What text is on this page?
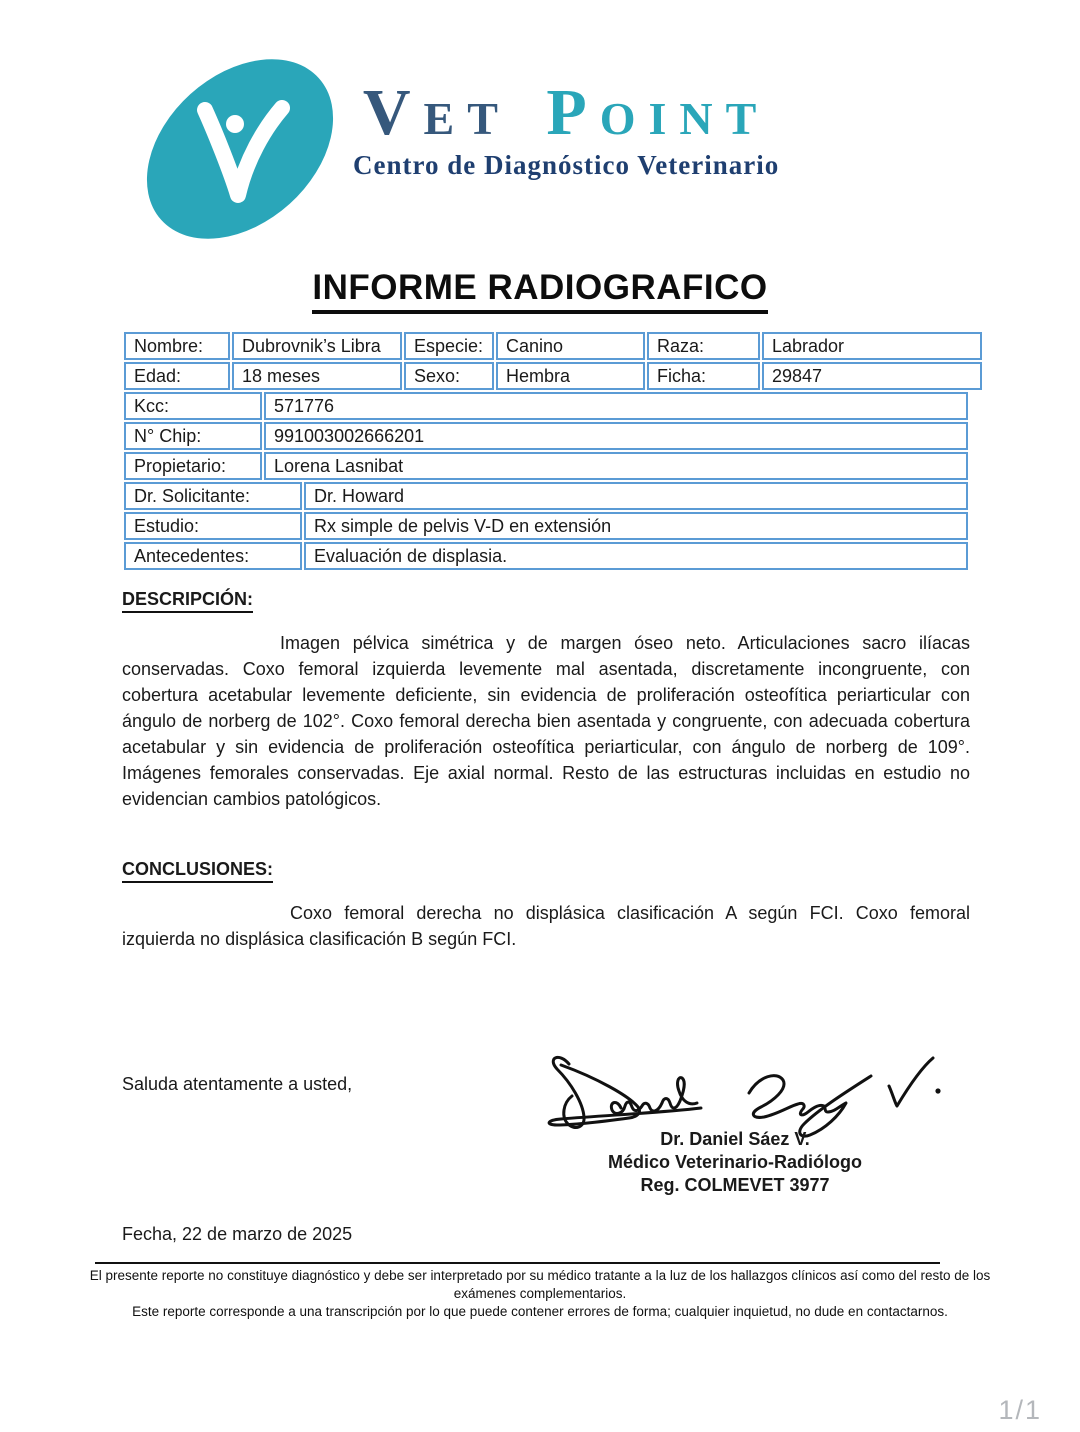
Vet Point
Centro de Diagnóstico Veterinario
INFORME RADIOGRAFICO
Nombre:	Dubrovnik’s Libra	Especie:	Canino	Raza:	Labrador
Edad:	18 meses	Sexo:	Hembra	Ficha:	29847
Kcc:	571776
N° Chip:	991003002666201
Propietario:	Lorena Lasnibat
Dr. Solicitante:	Dr. Howard
Estudio:	Rx simple de pelvis V-D en extensión
Antecedentes:	Evaluación de displasia.
DESCRIPCIÓN:

Imagen pélvica simétrica y de margen óseo neto. Articulaciones sacro ilíacas conservadas. Coxo femoral izquierda levemente mal asentada, discretamente incongruente, con cobertura acetabular levemente deficiente, sin evidencia de proliferación osteofítica periarticular con ángulo de norberg de 102°. Coxo femoral derecha bien asentada y congruente, con adecuada cobertura acetabular y sin evidencia de proliferación osteofítica periarticular, con ángulo de norberg de 109°. Imágenes femorales conservadas. Eje axial normal. Resto de las estructuras incluidas en estudio no evidencian cambios patológicos.

CONCLUSIONES:

Coxo femoral derecha no displásica clasificación A según FCI. Coxo femoral izquierda no displásica clasificación B según FCI.

Saluda atentamente a usted,
Dr. Daniel Sáez V.
Médico Veterinario-Radiólogo
Reg. COLMEVET 3977
Fecha, 22 de marzo de 2025
El presente reporte no constituye diagnóstico y debe ser interpretado por su médico tratante a la luz de los hallazgos clínicos así como del resto de los exámenes complementarios.
Este reporte corresponde a una transcripción por lo que puede contener errores de forma; cualquier inquietud, no dude en contactarnos.
1/1
